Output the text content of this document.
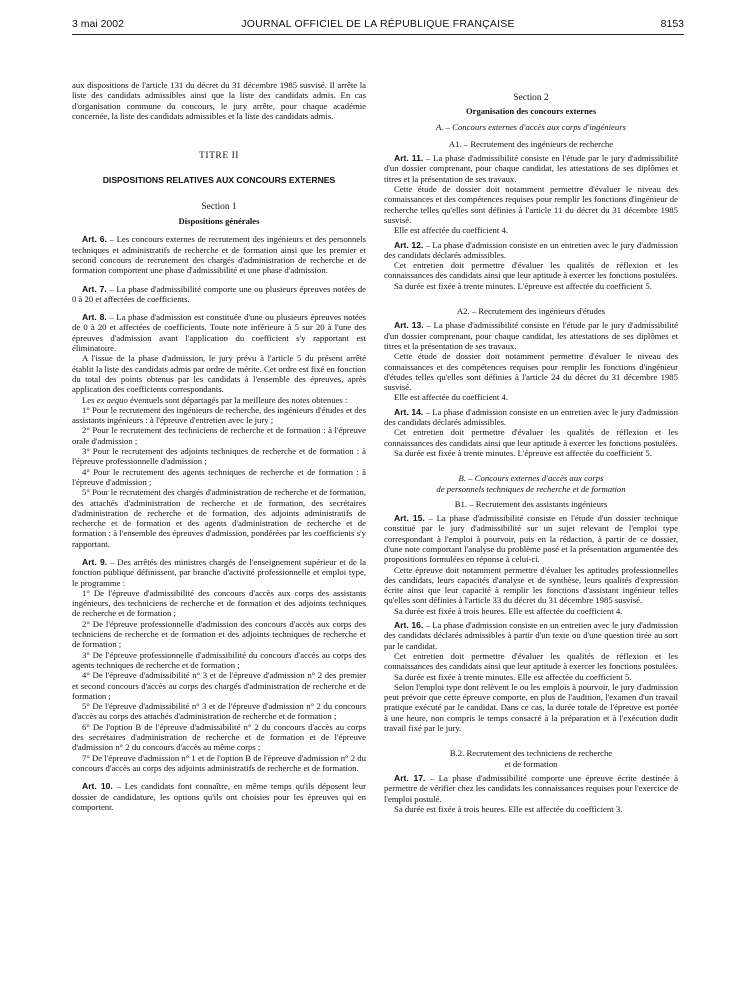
3 mai 2002	JOURNAL OFFICIEL DE LA RÉPUBLIQUE FRANÇAISE	8153

aux dispositions de l'article 131 du décret du 31 décembre 1985 susvisé. Il arrête la liste des candidats admissibles ainsi que la liste des candidats admis. En cas d'organisation commune du concours, le jury arrête, pour chaque académie concernée, la liste des candidats admissibles et la liste des candidats admis.

TITRE II

DISPOSITIONS RELATIVES AUX CONCOURS EXTERNES

Section 1

Dispositions générales

Art. 6. – Les concours externes de recrutement des ingénieurs et des personnels techniques et administratifs de recherche et de formation ainsi que les premier et second concours de recrutement des chargés d'administration de recherche et de formation comportent une phase d'admissibilité et une phase d'admission.

Art. 7. – La phase d'admissibilité comporte une ou plusieurs épreuves notées de 0 à 20 et affectées de coefficients.

Art. 8. – La phase d'admission est constituée d'une ou plusieurs épreuves notées de 0 à 20 et affectées de coefficients. Toute note inférieure à 5 sur 20 à l'une des épreuves d'admission avant l'application du coefficient s'y rapportant est éliminatoire.

A l'issue de la phase d'admission, le jury prévu à l'article 5 du présent arrêté établit la liste des candidats admis par ordre de mérite. Cet ordre est fixé en fonction du total des points obtenus par les candidats à l'ensemble des épreuves, après application des coefficients correspondants.

Les ex aequo éventuels sont départagés par la meilleure des notes obtenues :

1° Pour le recrutement des ingénieurs de recherche, des ingénieurs d'études et des assistants ingénieurs : à l'épreuve d'entretien avec le jury ;

2° Pour le recrutement des techniciens de recherche et de formation : à l'épreuve orale d'admission ;

3° Pour le recrutement des adjoints techniques de recherche et de formation : à l'épreuve professionnelle d'admission ;

4° Pour le recrutement des agents techniques de recherche et de formation : à l'épreuve d'admission ;

5° Pour le recrutement des chargés d'administration de recherche et de formation, des attachés d'administration de recherche et de formation, des secrétaires d'administration de recherche et de formation, des adjoints administratifs de recherche et de formation et des agents d'administration de recherche et de formation : à l'ensemble des épreuves d'admission, pondérées par les coefficients s'y rapportant.

Art. 9. – Des arrêtés des ministres chargés de l'enseignement supérieur et de la fonction publique définissent, par branche d'activité professionnelle et emploi type, le programme :

1° De l'épreuve d'admissibilité des concours d'accès aux corps des assistants ingénieurs, des techniciens de recherche et de formation et des adjoints techniques de recherche et de formation ;

2° De l'épreuve professionnelle d'admission des concours d'accès aux corps des techniciens de recherche et de formation et des adjoints techniques de recherche et de formation ;

3° De l'épreuve professionnelle d'admissibilité du concours d'accès au corps des agents techniques de recherche et de formation ;

4° De l'épreuve d'admissibilité n° 3 et de l'épreuve d'admission n° 2 des premier et second concours d'accès au corps des chargés d'administration de recherche et de formation ;

5° De l'épreuve d'admissibilité n° 3 et de l'épreuve d'admission n° 2 du concours d'accès au corps des attachés d'administration de recherche et de formation ;

6° De l'option B de l'épreuve d'admissibilité n° 2 du concours d'accès au corps des secrétaires d'administration de recherche et de formation et de l'épreuve d'admission n° 2 du concours d'accès au même corps ;

7° De l'épreuve d'admission n° 1 et de l'option B de l'épreuve d'admission n° 2 du concours d'accès au corps des adjoints administratifs de recherche et de formation.

Art. 10. – Les candidats font connaître, en même temps qu'ils déposent leur dossier de candidature, les options qu'ils ont choisies pour les épreuves qui en comportent.

Section 2

Organisation des concours externes

A. – Concours externes d'accès aux corps d'ingénieurs

A1. – Recrutement des ingénieurs de recherche

Art. 11. – La phase d'admissibilité consiste en l'étude par le jury d'admissibilité d'un dossier comprenant, pour chaque candidat, les attestations de ses diplômes et titres et la présentation de ses travaux.

Cette étude de dossier doit notamment permettre d'évaluer le niveau des connaissances et des compétences requises pour remplir les fonctions d'ingénieur de recherche telles qu'elles sont définies à l'article 11 du décret du 31 décembre 1985 susvisé.

Elle est affectée du coefficient 4.

Art. 12. – La phase d'admission consiste en un entretien avec le jury d'admission des candidats déclarés admissibles.

Cet entretien doit permettre d'évaluer les qualités de réflexion et les connaissances des candidats ainsi que leur aptitude à exercer les fonctions postulées.

Sa durée est fixée à trente minutes. L'épreuve est affectée du coefficient 5.

A2. – Recrutement des ingénieurs d'études

Art. 13. – La phase d'admissibilité consiste en l'étude par le jury d'admissibilité d'un dossier comprenant, pour chaque candidat, les attestations de ses diplômes et titres et la présentation de ses travaux.

Cette étude de dossier doit notamment permettre d'évaluer le niveau des connaissances et des compétences requises pour remplir les fonctions d'ingénieur d'études telles qu'elles sont définies à l'article 24 du décret du 31 décembre 1985 susvisé.

Elle est affectée du coefficient 4.

Art. 14. – La phase d'admission consiste en un entretien avec le jury d'admission des candidats déclarés admissibles.

Cet entretien doit permettre d'évaluer les qualités de réflexion et les connaissances des candidats ainsi que leur aptitude à exercer les fonctions postulées.

Sa durée est fixée à trente minutes. L'épreuve est affectée du coefficient 5.

B. – Concours externes d'accès aux corps

de personnels techniques de recherche et de formation

B1. – Recrutement des assistants ingénieurs

Art. 15. – La phase d'admissibilité consiste en l'étude d'un dossier technique constitué par le jury d'admissibilité sur un sujet relevant de l'emploi type correspondant à l'emploi à pourvoir, puis en la rédaction, à partir de ce dossier, d'une note comportant l'analyse du problème posé et la présentation argumentée des propositions formulées en réponse à celui-ci.

Cette épreuve doit notamment permettre d'évaluer les aptitudes professionnelles des candidats, leurs capacités d'analyse et de synthèse, leurs qualités d'expression écrite ainsi que leur capacité à remplir les fonctions d'assistant ingénieur telles qu'elles sont définies à l'article 33 du décret du 31 décembre 1985 susvisé.

Sa durée est fixée à trois heures. Elle est affectée du coefficient 4.

Art. 16. – La phase d'admission consiste en un entretien avec le jury d'admission des candidats déclarés admissibles à partir d'un texte ou d'une question tirée au sort par le candidat.

Cet entretien doit permettre d'évaluer les qualités de réflexion et les connaissances des candidats ainsi que leur aptitude à exercer les fonctions postulées.

Sa durée est fixée à trente minutes. Elle est affectée du coefficient 5.

Selon l'emploi type dont relèvent le ou les emplois à pourvoir, le jury d'admission peut prévoir que cette épreuve comporte, en plus de l'audition, l'examen d'un travail pratique exécuté par le candidat. Dans ce cas, la durée totale de l'épreuve est portée à une heure, non compris le temps consacré à la préparation et à l'exécution dudit travail fixé par le jury.

B.2. Recrutement des techniciens de recherche

et de formation

Art. 17. – La phase d'admissibilité comporte une épreuve écrite destinée à permettre de vérifier chez les candidats les connaissances requises pour l'exercice de l'emploi postulé.

Sa durée est fixée à trois heures. Elle est affectée du coefficient 3.
